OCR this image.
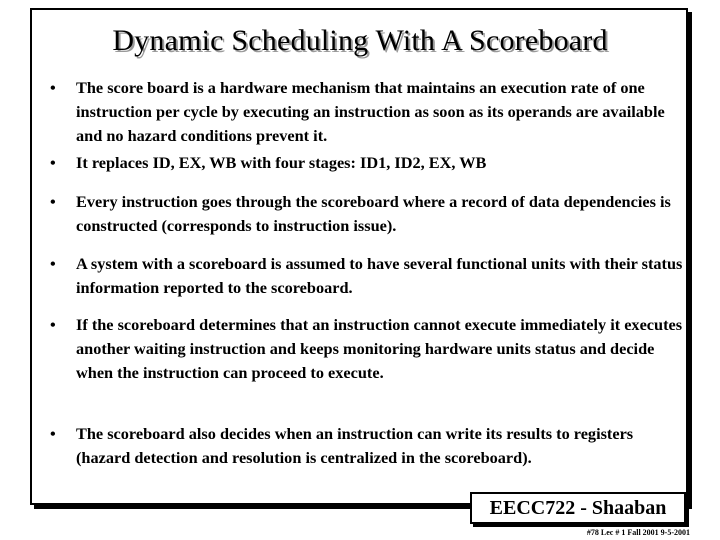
Dynamic Scheduling With A Scoreboard
• The score board is a hardware mechanism that maintains an execution rate of one instruction per cycle by executing an instruction as soon as its operands are available and no hazard conditions prevent it.
• It replaces ID, EX, WB with four stages: ID1, ID2, EX, WB
• Every instruction goes through the scoreboard where a record of data dependencies is constructed (corresponds to instruction issue).
• A system with a scoreboard is assumed to have several functional units with their status information reported to the scoreboard.
• If the scoreboard determines that an instruction cannot execute immediately it executes another waiting instruction and keeps monitoring hardware units status and decide when the instruction can proceed to execute.
• The scoreboard also decides when an instruction can write its results to registers (hazard detection and resolution is centralized in the scoreboard).
EECC722 - Shaaban
#78 Lec # 1 Fall 2001 9-5-2001
